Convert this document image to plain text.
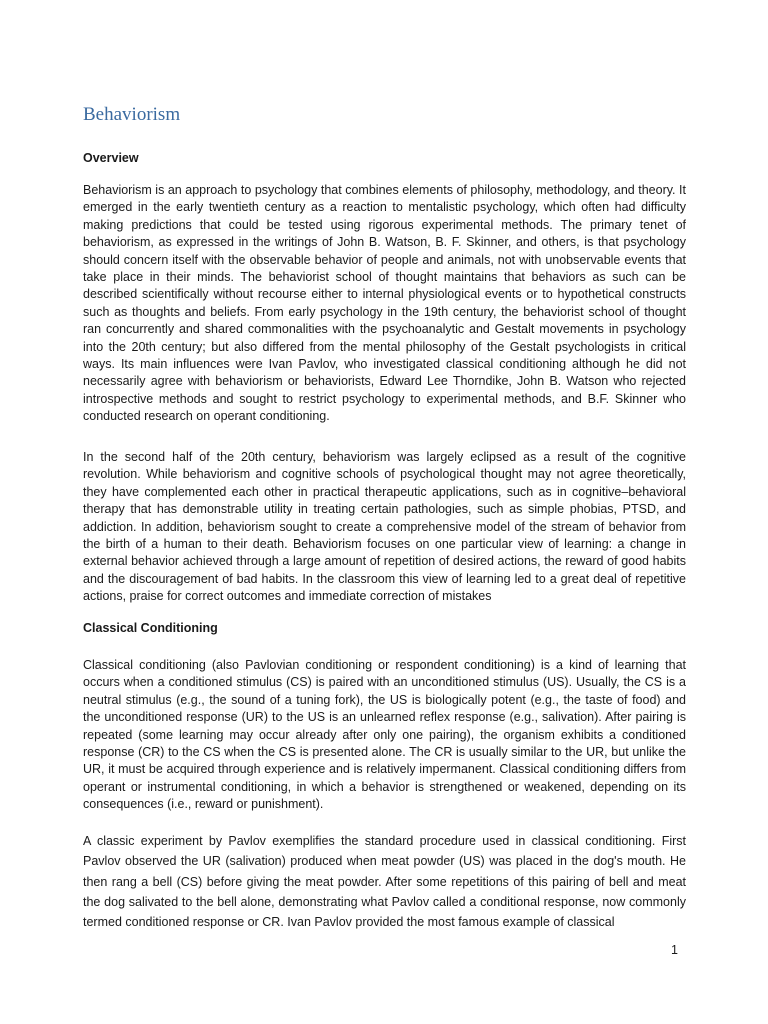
Behaviorism
Overview

Behaviorism is an approach to psychology that combines elements of philosophy, methodology, and theory. It emerged in the early twentieth century as a reaction to mentalistic psychology, which often had difficulty making predictions that could be tested using rigorous experimental methods. The primary tenet of behaviorism, as expressed in the writings of John B. Watson, B. F. Skinner, and others, is that psychology should concern itself with the observable behavior of people and animals, not with unobservable events that take place in their minds. The behaviorist school of thought maintains that behaviors as such can be described scientifically without recourse either to internal physiological events or to hypothetical constructs such as thoughts and beliefs. From early psychology in the 19th century, the behaviorist school of thought ran concurrently and shared commonalities with the psychoanalytic and Gestalt movements in psychology into the 20th century; but also differed from the mental philosophy of the Gestalt psychologists in critical ways. Its main influences were Ivan Pavlov, who investigated classical conditioning although he did not necessarily agree with behaviorism or behaviorists, Edward Lee Thorndike, John B. Watson who rejected introspective methods and sought to restrict psychology to experimental methods, and B.F. Skinner who conducted research on operant conditioning.

In the second half of the 20th century, behaviorism was largely eclipsed as a result of the cognitive revolution. While behaviorism and cognitive schools of psychological thought may not agree theoretically, they have complemented each other in practical therapeutic applications, such as in cognitive–behavioral therapy that has demonstrable utility in treating certain pathologies, such as simple phobias, PTSD, and addiction. In addition, behaviorism sought to create a comprehensive model of the stream of behavior from the birth of a human to their death. Behaviorism focuses on one particular view of learning: a change in external behavior achieved through a large amount of repetition of desired actions, the reward of good habits and the discouragement of bad habits. In the classroom this view of learning led to a great deal of repetitive actions, praise for correct outcomes and immediate correction of mistakes

Classical Conditioning

Classical conditioning (also Pavlovian conditioning or respondent conditioning) is a kind of learning that occurs when a conditioned stimulus (CS) is paired with an unconditioned stimulus (US). Usually, the CS is a neutral stimulus (e.g., the sound of a tuning fork), the US is biologically potent (e.g., the taste of food) and the unconditioned response (UR) to the US is an unlearned reflex response (e.g., salivation). After pairing is repeated (some learning may occur already after only one pairing), the organism exhibits a conditioned response (CR) to the CS when the CS is presented alone. The CR is usually similar to the UR, but unlike the UR, it must be acquired through experience and is relatively impermanent. Classical conditioning differs from operant or instrumental conditioning, in which a behavior is strengthened or weakened, depending on its consequences (i.e., reward or punishment).

A classic experiment by Pavlov exemplifies the standard procedure used in classical conditioning. First Pavlov observed the UR (salivation) produced when meat powder (US) was placed in the dog's mouth. He then rang a bell (CS) before giving the meat powder. After some repetitions of this pairing of bell and meat the dog salivated to the bell alone, demonstrating what Pavlov called a conditional response, now commonly termed conditioned response or CR. Ivan Pavlov provided the most famous example of classical

1
